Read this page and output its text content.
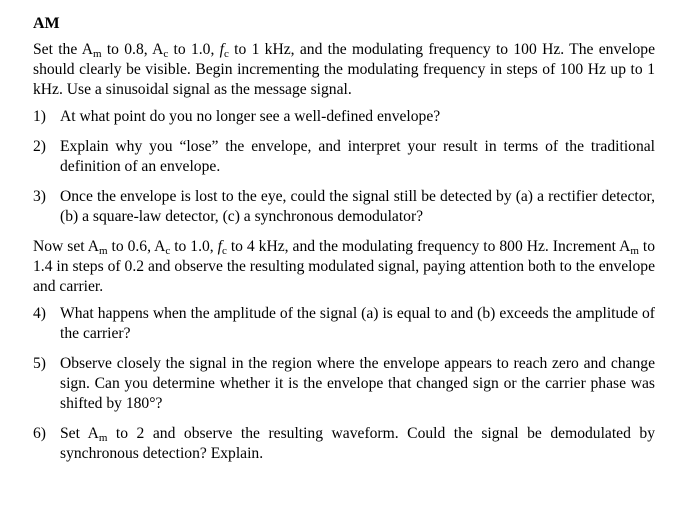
AM

Set the Am to 0.8, Ac to 1.0, fc to 1 kHz, and the modulating frequency to 100 Hz. The envelope should clearly be visible. Begin incrementing the modulating frequency in steps of 100 Hz up to 1 kHz. Use a sinusoidal signal as the message signal.

1) At what point do you no longer see a well-defined envelope?
2) Explain why you “lose” the envelope, and interpret your result in terms of the traditional definition of an envelope.
3) Once the envelope is lost to the eye, could the signal still be detected by (a) a rectifier detector, (b) a square-law detector, (c) a synchronous demodulator?

Now set Am to 0.6, Ac to 1.0, fc to 4 kHz, and the modulating frequency to 800 Hz. Increment Am to 1.4 in steps of 0.2 and observe the resulting modulated signal, paying attention both to the envelope and carrier.

4) What happens when the amplitude of the signal (a) is equal to and (b) exceeds the amplitude of the carrier?
5) Observe closely the signal in the region where the envelope appears to reach zero and change sign. Can you determine whether it is the envelope that changed sign or the carrier phase was shifted by 180°?
6) Set Am to 2 and observe the resulting waveform. Could the signal be demodulated by synchronous detection? Explain.
